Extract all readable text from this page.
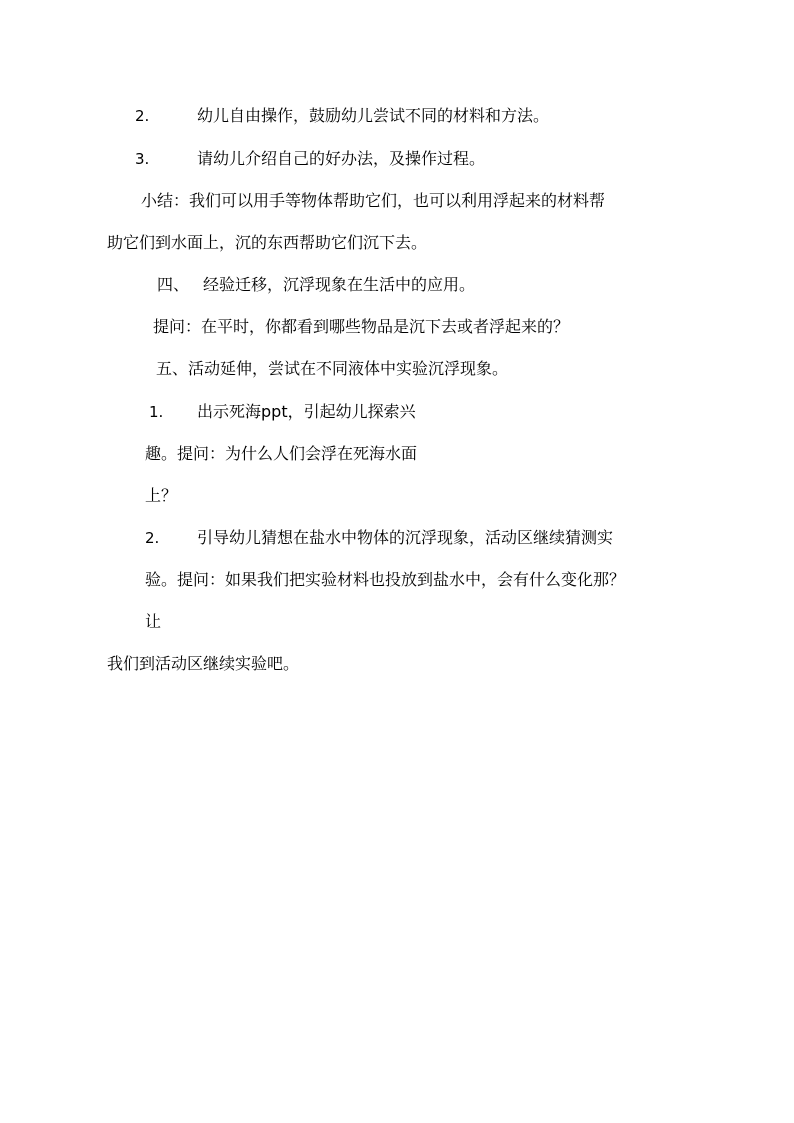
2.	幼儿自由操作，鼓励幼儿尝试不同的材料和方法。
3.	请幼儿介绍自己的好办法，及操作过程。
小结：我们可以用手等物体帮助它们，也可以利用浮起来的材料帮
助它们到水面上，沉的东西帮助它们沉下去。
四、 经验迁移，沉浮现象在生活中的应用。
提问：在平时，你都看到哪些物品是沉下去或者浮起来的？
五、活动延伸，尝试在不同液体中实验沉浮现象。
1. 出示死海ppt，引起幼儿探索兴
趣。提问：为什么人们会浮在死海水面
上？
2. 引导幼儿猜想在盐水中物体的沉浮现象，活动区继续猜测实
验。提问：如果我们把实验材料也投放到盐水中，会有什么变化那？
让
我们到活动区继续实验吧。
